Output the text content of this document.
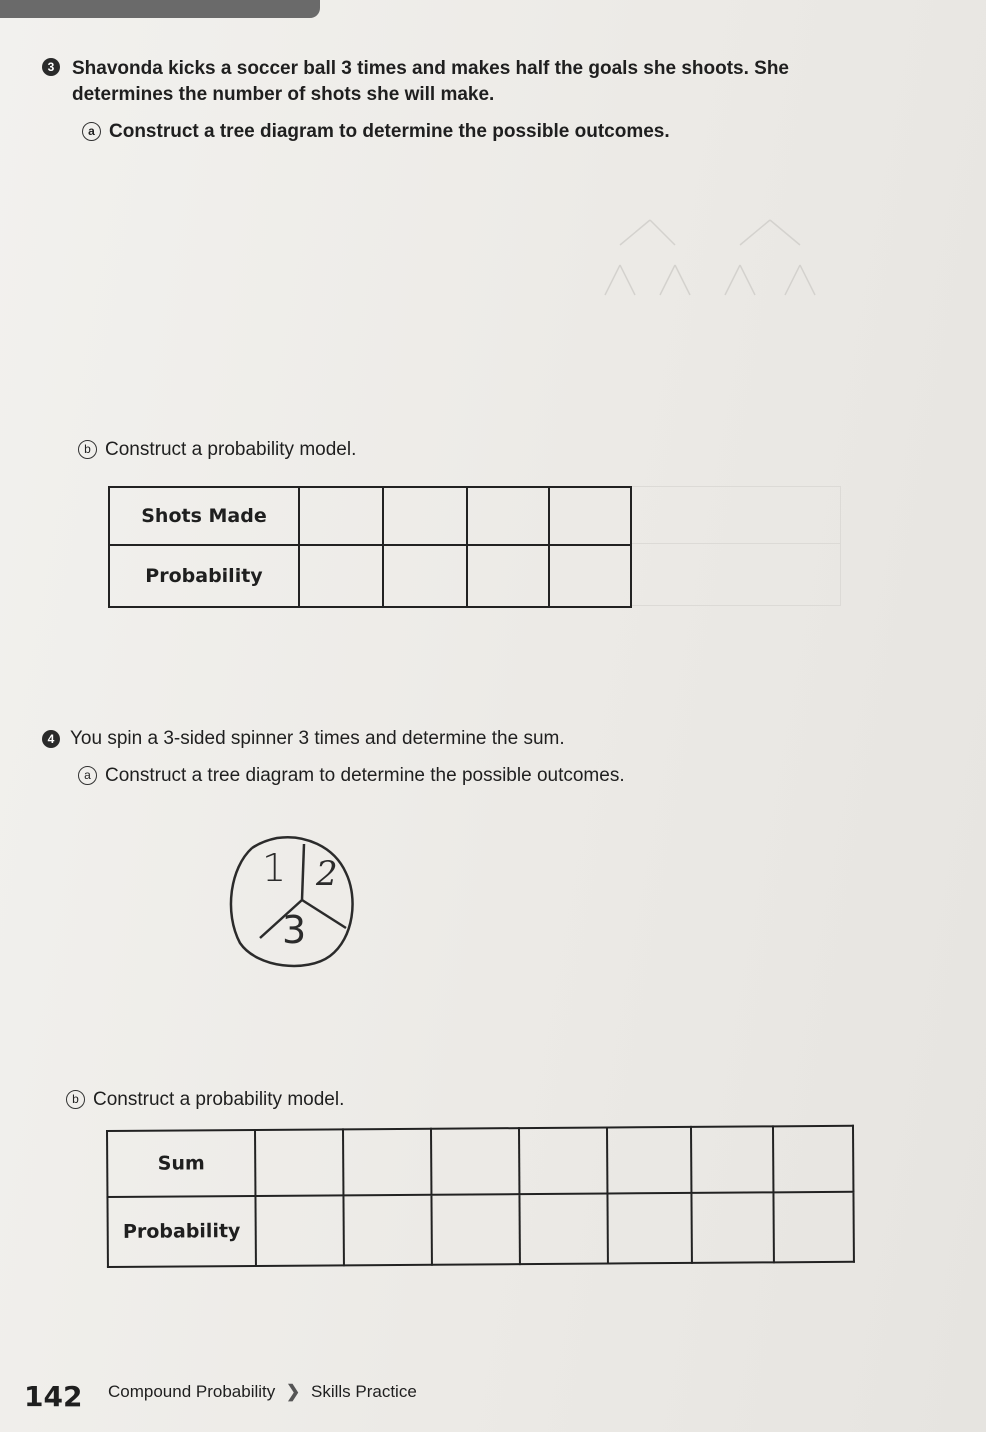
3 Shavonda kicks a soccer ball 3 times and makes half the goals she shoots. She
determines the number of shots she will make.
a Construct a tree diagram to determine the possible outcomes.
b Construct a probability model.
Shots Made				
Probability				
4 You spin a 3-sided spinner 3 times and determine the sum.
a Construct a tree diagram to determine the possible outcomes.
1 2
3
b Construct a probability model.
Sum							
Probability							
142 Compound Probability ❯ Skills Practice
